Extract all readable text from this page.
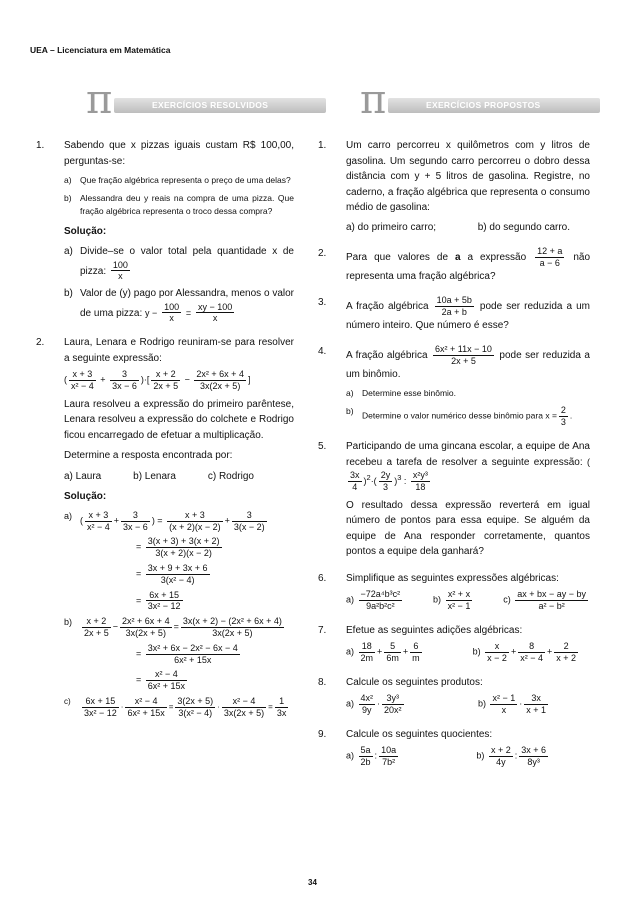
UEA – Licenciatura em Matemática
π	EXERCÍCIOS RESOLVIDOS π	EXERCÍCIOS PROPOSTOS
1. Sabendo que x pizzas iguais custam R$ 100,00, perguntas-se:
a) Que fração algébrica representa o preço de uma delas?
b) Alessandra deu y reais na compra de uma pizza. Que fração algébrica representa o troco dessa compra?

Solução:

a) Divide–se o valor total pela quantidade x de pizza: $\frac{100}{x}$
b) Valor de (y) pago por Alessandra, menos o valor de uma pizza: $y - \frac{100}{x} = \frac{xy - 100}{x}$
2. Laura, Lenara e Rodrigo reuniram-se para resolver a seguinte expressão:
( $\frac{x + 3}{\text{x² − 4}} + \frac{3}{3x - 6}$ )·[ $\frac{x + 2}{2x + 5} - \frac{\text{2x² + 6x + 4}}{3x(2x + 5)}$ ]

Laura resolveu a expressão do primeiro parêntese, Lenara resolveu a expressão do colchete e Rodrigo ficou encarregado de efetuar a multiplicação.

Determine a resposta encontrada por:

a) Laura	b) Lenara	c) Rodrigo

Solução:

a) ( $\frac{x + 3}{\text{x² − 4}} + \frac{3}{3x - 6}$ ) = $\frac{x + 3}{(x + 2)(x - 2)} + \frac{3}{3(x - 2)}$
= $\frac{3(x + 3) + 3(x + 2)}{3(x + 2)(x - 2)}$
= $\frac{3x + 9 + 3x + 6}{\text{3(x² − 4)}}$
= $\frac{6x + 15}{\text{3x² − 12}}$
$b) \frac{x + 2}{2x + 5} - \frac{\text{2x² + 6x + 4}}{3x(2x + 5)} = \frac{\text{3x(x + 2) − (2x² + 6x + 4)}}{3x(2x + 5)}$
= $\frac{\text{3x² + 6x − 2x² − 6x − 4}}{\text{6x² + 15x}}$
= $\frac{\text{x² − 4}}{\text{6x² + 15x}}$
$c) \frac{6x + 15}{\text{3x² − 12}} \cdot \frac{\text{x² − 4}}{\text{6x² + 15x}} = \frac{3(2x + 5)}{\text{3(x² − 4)}} \cdot \frac{\text{x² − 4}}{3x(2x + 5)} = \frac{1}{3x}$
1. Um carro percorreu x quilômetros com y litros de gasolina. Um segundo carro percorreu o dobro dessa distância com y + 5 litros de gasolina. Registre, no caderno, a fração algébrica que representa o consumo médio de gasolina:
a) do primeiro carro;	b) do segundo carro.
2. Para que valores de a a expressão $\frac{12 + a}{a - 6}$ não representa uma fração algébrica?
3. A fração algébrica $\frac{10a + 5b}{2a + b}$ pode ser reduzida a um número inteiro. Que número é esse?
4. A fração algébrica $\frac{\text{6x² + 11x − 10}}{2x + 5}$ pode ser reduzida a um binômio.
a) Determine esse binômio.
b) Determine o valor numérico desse binômio para $x = \frac{2}{3}$ .
5. Participando de uma gincana escolar, a equipe de Ana recebeu a tarefa de resolver a seguinte expressão: (
$\frac{3x}{4} )^2\cdot( \frac{2y}{3} )^3$ : $\frac{\text{x²y³}}{18}$

O resultado dessa expressão reverterá em igual número de pontos para essa equipe. Se alguém da equipe de Ana responder corretamente, quantos pontos a equipe dela ganhará?

6. Simplifique as seguintes expressões algébricas:
$a) \frac{\text{−72a⁴b³c²}}{\text{9a²b²c²}}$	$b) \frac{\text{x² + x}}{\text{x² − 1}}$	$c) \frac{ax + bx - ay - by}{\text{a² − b²}}$
7. Efetue as seguintes adições algébricas:
$a) \frac{18}{2m} + \frac{5}{6m} + \frac{6}{m}$	$b) \frac{x}{x - 2} + \frac{8}{\text{x² − 4}} + \frac{2}{x + 2}$
8. Calcule os seguintes produtos:
$a) \frac{\text{4x²}}{9y} \cdot \frac{\text{3y³}}{\text{20x²}}$	$b) \frac{\text{x² − 1}}{x} \cdot \frac{3x}{x + 1}$
9. Calcule os seguintes quocientes:
$a) \frac{5a}{2b}$ : $\frac{10a}{\text{7b²}}$	$b) \frac{x + 2}{4y}$ : $\frac{3x + 6}{\text{8y³}}$
34
